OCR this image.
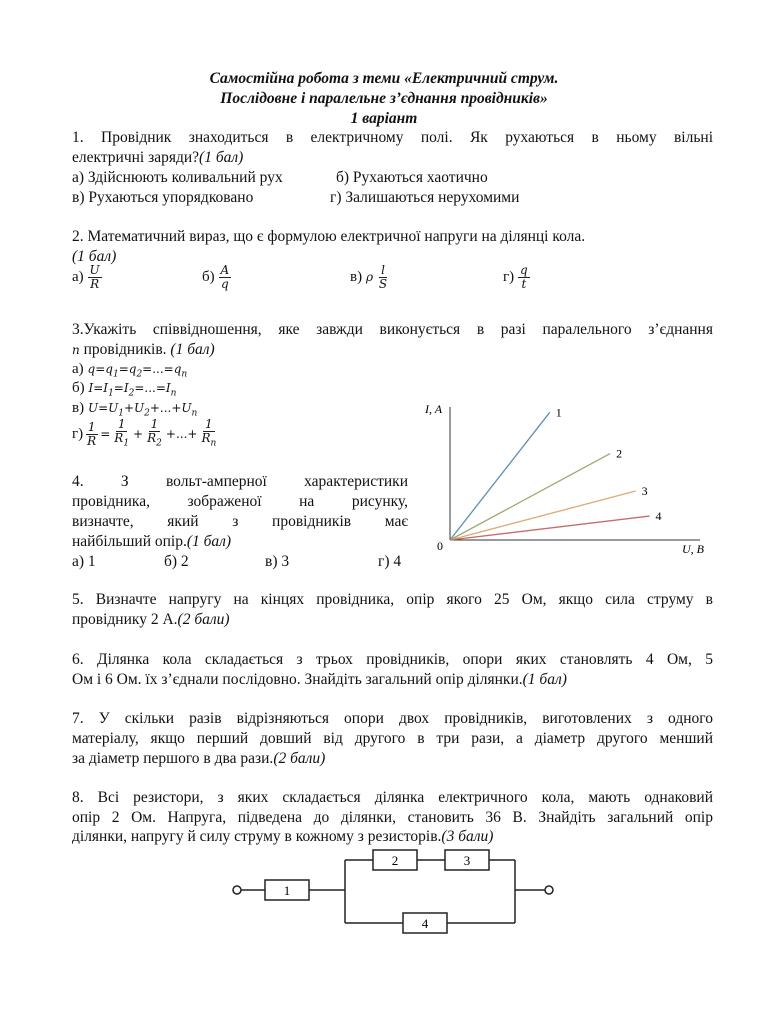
Самостійна робота з теми «Електричний струм.
Послідовне і паралельне з’єднання провідників»
1 варіант
1. Провідник знаходиться в електричному полі. Як рухаються в ньому вільні
електричні заряди?(1 бал)
а) Здійснюють коливальний рух	б) Рухаються хаотично
в) Рухаються упорядковано	г) Залишаються нерухомими
2. Математичний вираз, що є формулою електричної напруги на ділянці кола.
(1 бал)
$а) \frac{U}{R}$	$б) \frac{A}{q}$	в) ρ $\frac{l}{S}$	$г) \frac{q}{t}$
3.Укажіть співвідношення, яке завжди виконується в разі паралельного з’єднання
n провідників. (1 бал)
а) $q=q_1=q_2=...=q_n$
б) $I=I_1=I_2=...=I_n$
в) $U=U_1+U_2+...+U_n$
$г) \frac{1}{R} = \frac{1}{R_1} + \frac{1}{R_2}$ +...+ $\frac{1}{R_n}$
4. З вольт-амперної характеристики
провідника, зображеної на рисунку,
визначте, який з провідників має
найбільший опір.(1 бал)
а) 1	б) 2	в) 3	г) 4
I, A
U, В
0
1
2
3
4
5. Визначте напругу на кінцях провідника, опір якого 25 Ом, якщо сила струму в
провіднику 2 А.(2 бали)
6. Ділянка кола складається з трьох провідників, опори яких становлять 4 Ом, 5
Ом і 6 Ом. їх з’єднали послідовно. Знайдіть загальний опір ділянки.(1 бал)
7. У скільки разів відрізняються опори двох провідників, виготовлених з одного
матеріалу, якщо перший довший від другого в три рази, а діаметр другого менший
за діаметр першого в два рази.(2 бали)
8. Всі резистори, з яких складається ділянка електричного кола, мають однаковий
опір 2 Ом. Напруга, підведена до ділянки, становить 36 В. Знайдіть загальний опір
ділянки, напругу й силу струму в кожному з резисторів.(3 бали)
1
2	3
4
